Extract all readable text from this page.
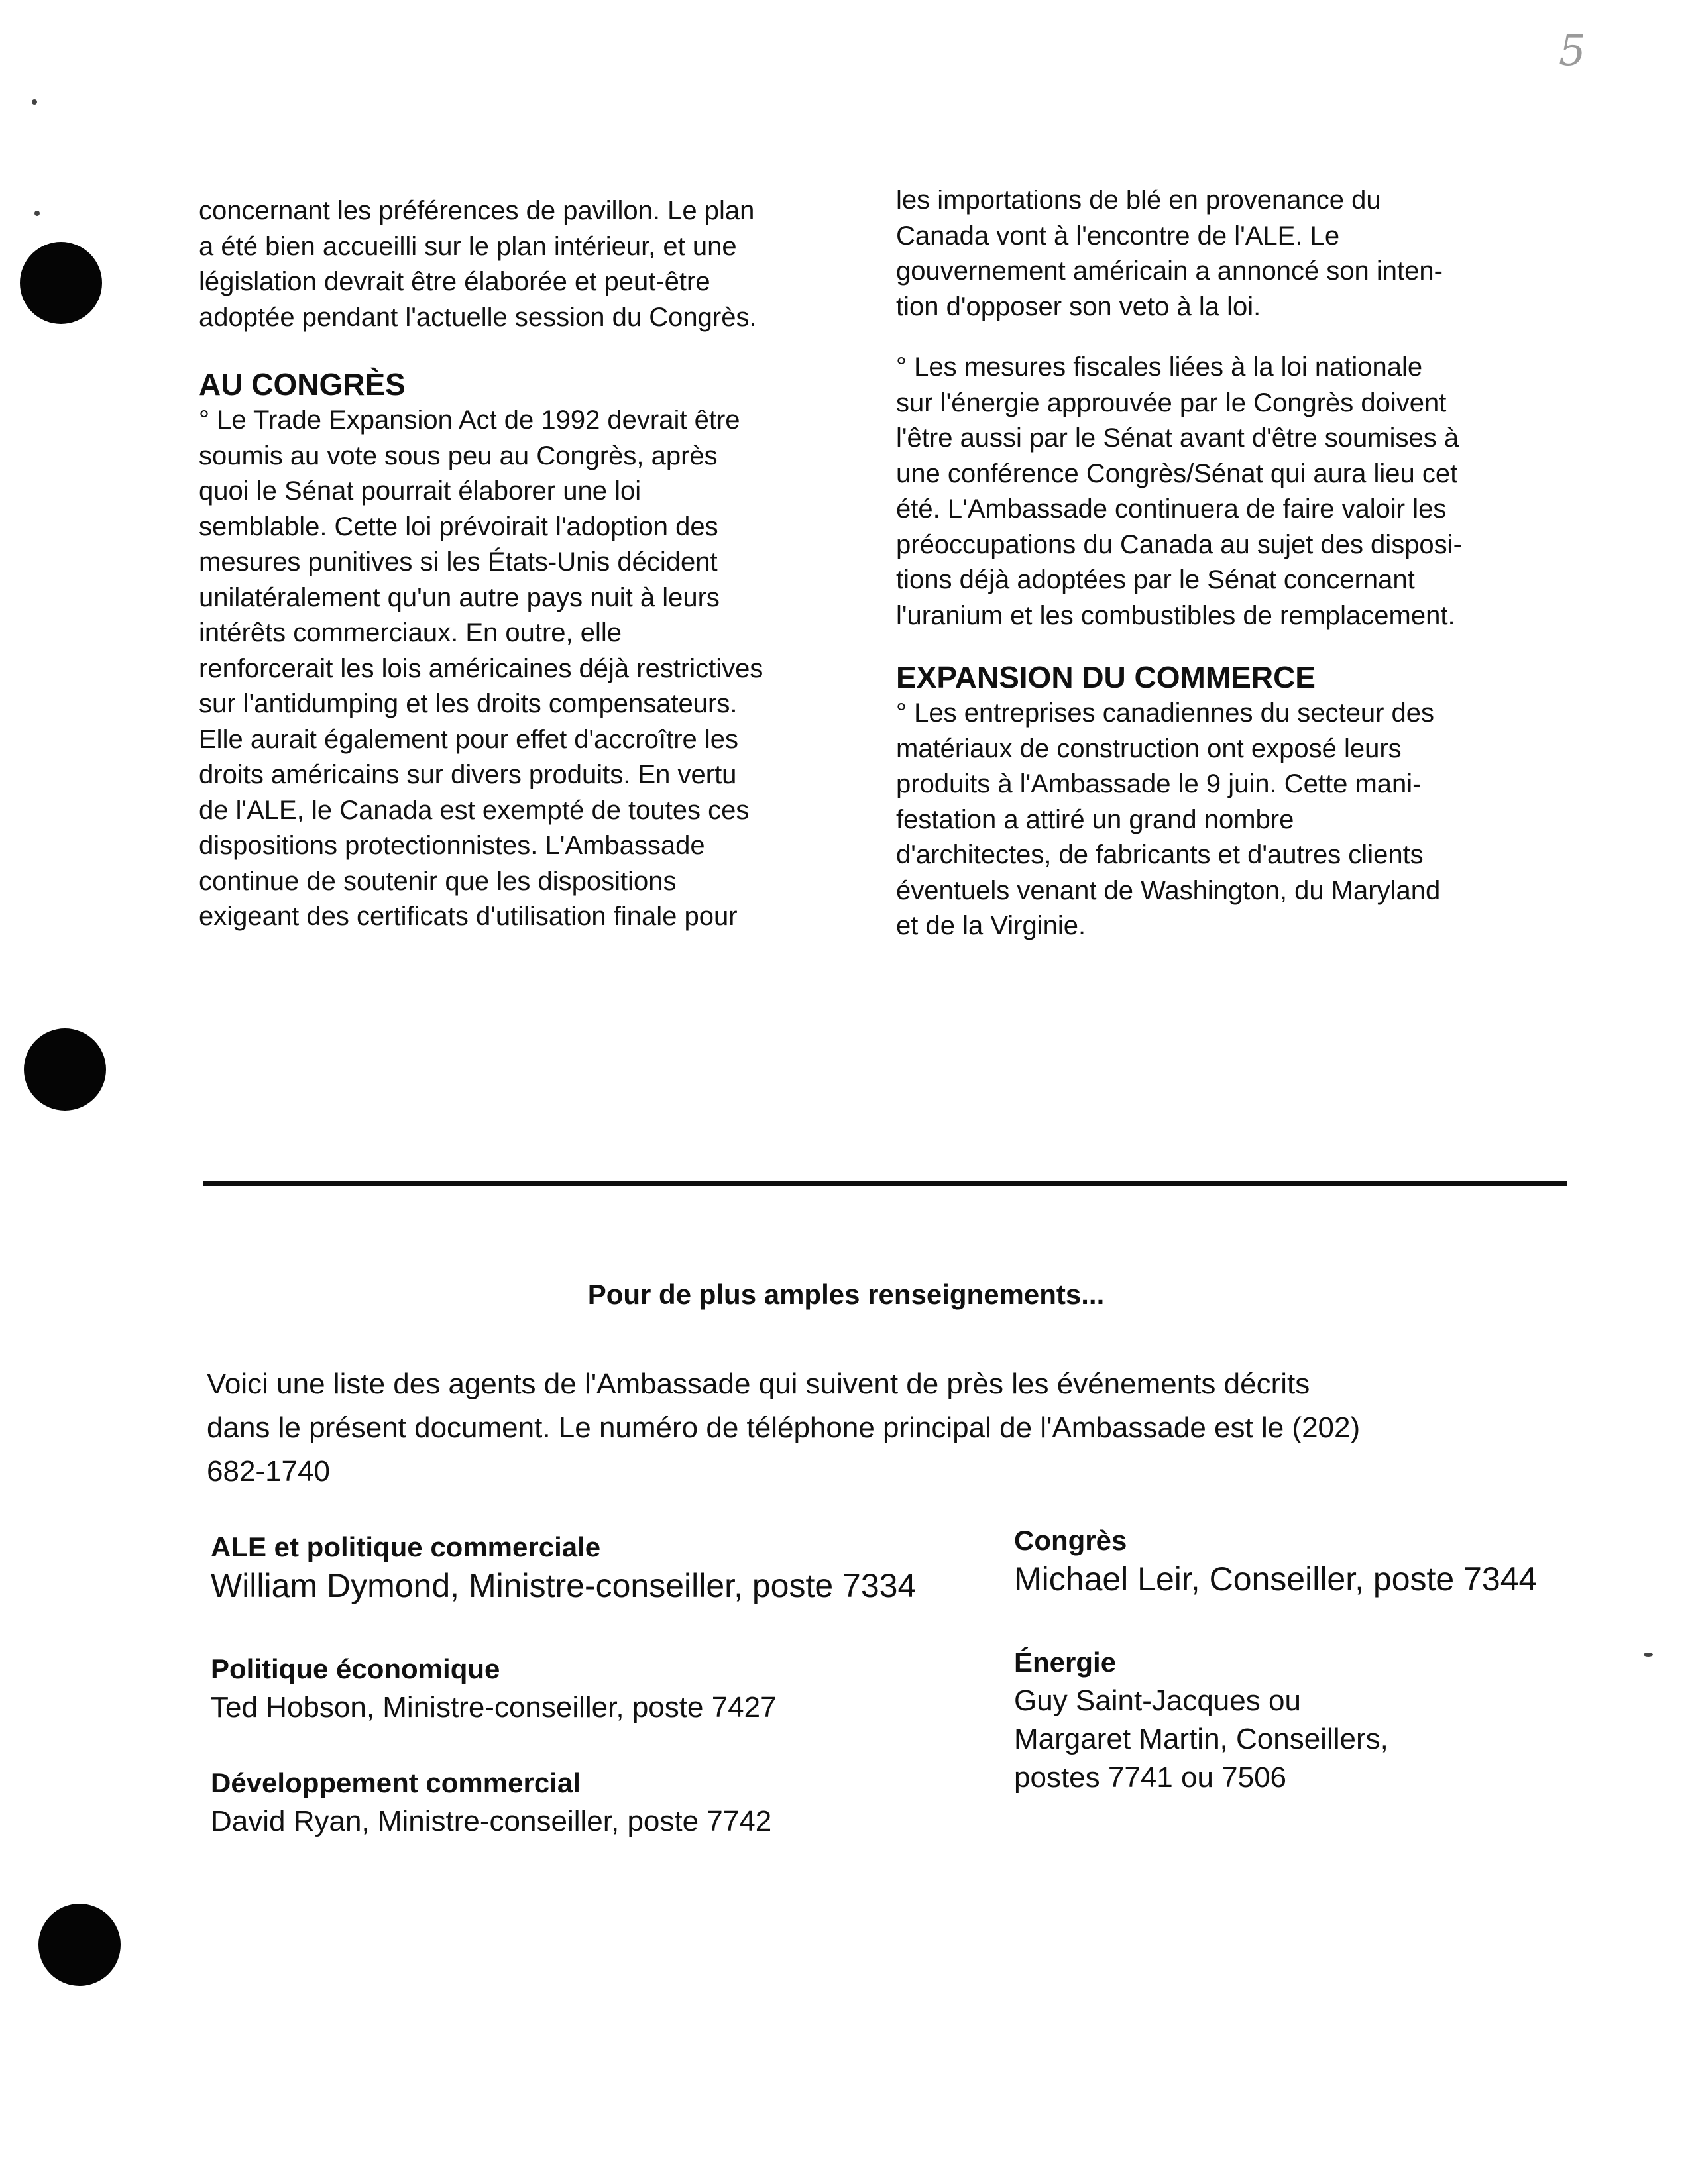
5

concernant les préférences de pavillon. Le plan
a été bien accueilli sur le plan intérieur, et une
législation devrait être élaborée et peut-être
adoptée pendant l'actuelle session du Congrès.

AU CONGRÈS

° Le Trade Expansion Act de 1992 devrait être
soumis au vote sous peu au Congrès, après
quoi le Sénat pourrait élaborer une loi
semblable. Cette loi prévoirait l'adoption des
mesures punitives si les États-Unis décident
unilatéralement qu'un autre pays nuit à leurs
intérêts commerciaux. En outre, elle
renforcerait les lois américaines déjà restrictives
sur l'antidumping et les droits compensateurs.
Elle aurait également pour effet d'accroître les
droits américains sur divers produits. En vertu
de l'ALE, le Canada est exempté de toutes ces
dispositions protectionnistes. L'Ambassade
continue de soutenir que les dispositions
exigeant des certificats d'utilisation finale pour

les importations de blé en provenance du
Canada vont à l'encontre de l'ALE. Le
gouvernement américain a annoncé son inten-
tion d'opposer son veto à la loi.

° Les mesures fiscales liées à la loi nationale
sur l'énergie approuvée par le Congrès doivent
l'être aussi par le Sénat avant d'être soumises à
une conférence Congrès/Sénat qui aura lieu cet
été. L'Ambassade continuera de faire valoir les
préoccupations du Canada au sujet des disposi-
tions déjà adoptées par le Sénat concernant
l'uranium et les combustibles de remplacement.

EXPANSION DU COMMERCE

° Les entreprises canadiennes du secteur des
matériaux de construction ont exposé leurs
produits à l'Ambassade le 9 juin. Cette mani-
festation a attiré un grand nombre
d'architectes, de fabricants et d'autres clients
éventuels venant de Washington, du Maryland
et de la Virginie.

Pour de plus amples renseignements...
Voici une liste des agents de l'Ambassade qui suivent de près les événements décrits
dans le présent document. Le numéro de téléphone principal de l'Ambassade est le (202)
682-1740
ALE et politique commerciale
William Dymond, Ministre-conseiller, poste 7334
Politique économique
Ted Hobson, Ministre-conseiller, poste 7427
Développement commercial
David Ryan, Ministre-conseiller, poste 7742
Congrès
Michael Leir, Conseiller, poste 7344
Énergie
Guy Saint-Jacques ou
Margaret Martin, Conseillers,
postes 7741 ou 7506
